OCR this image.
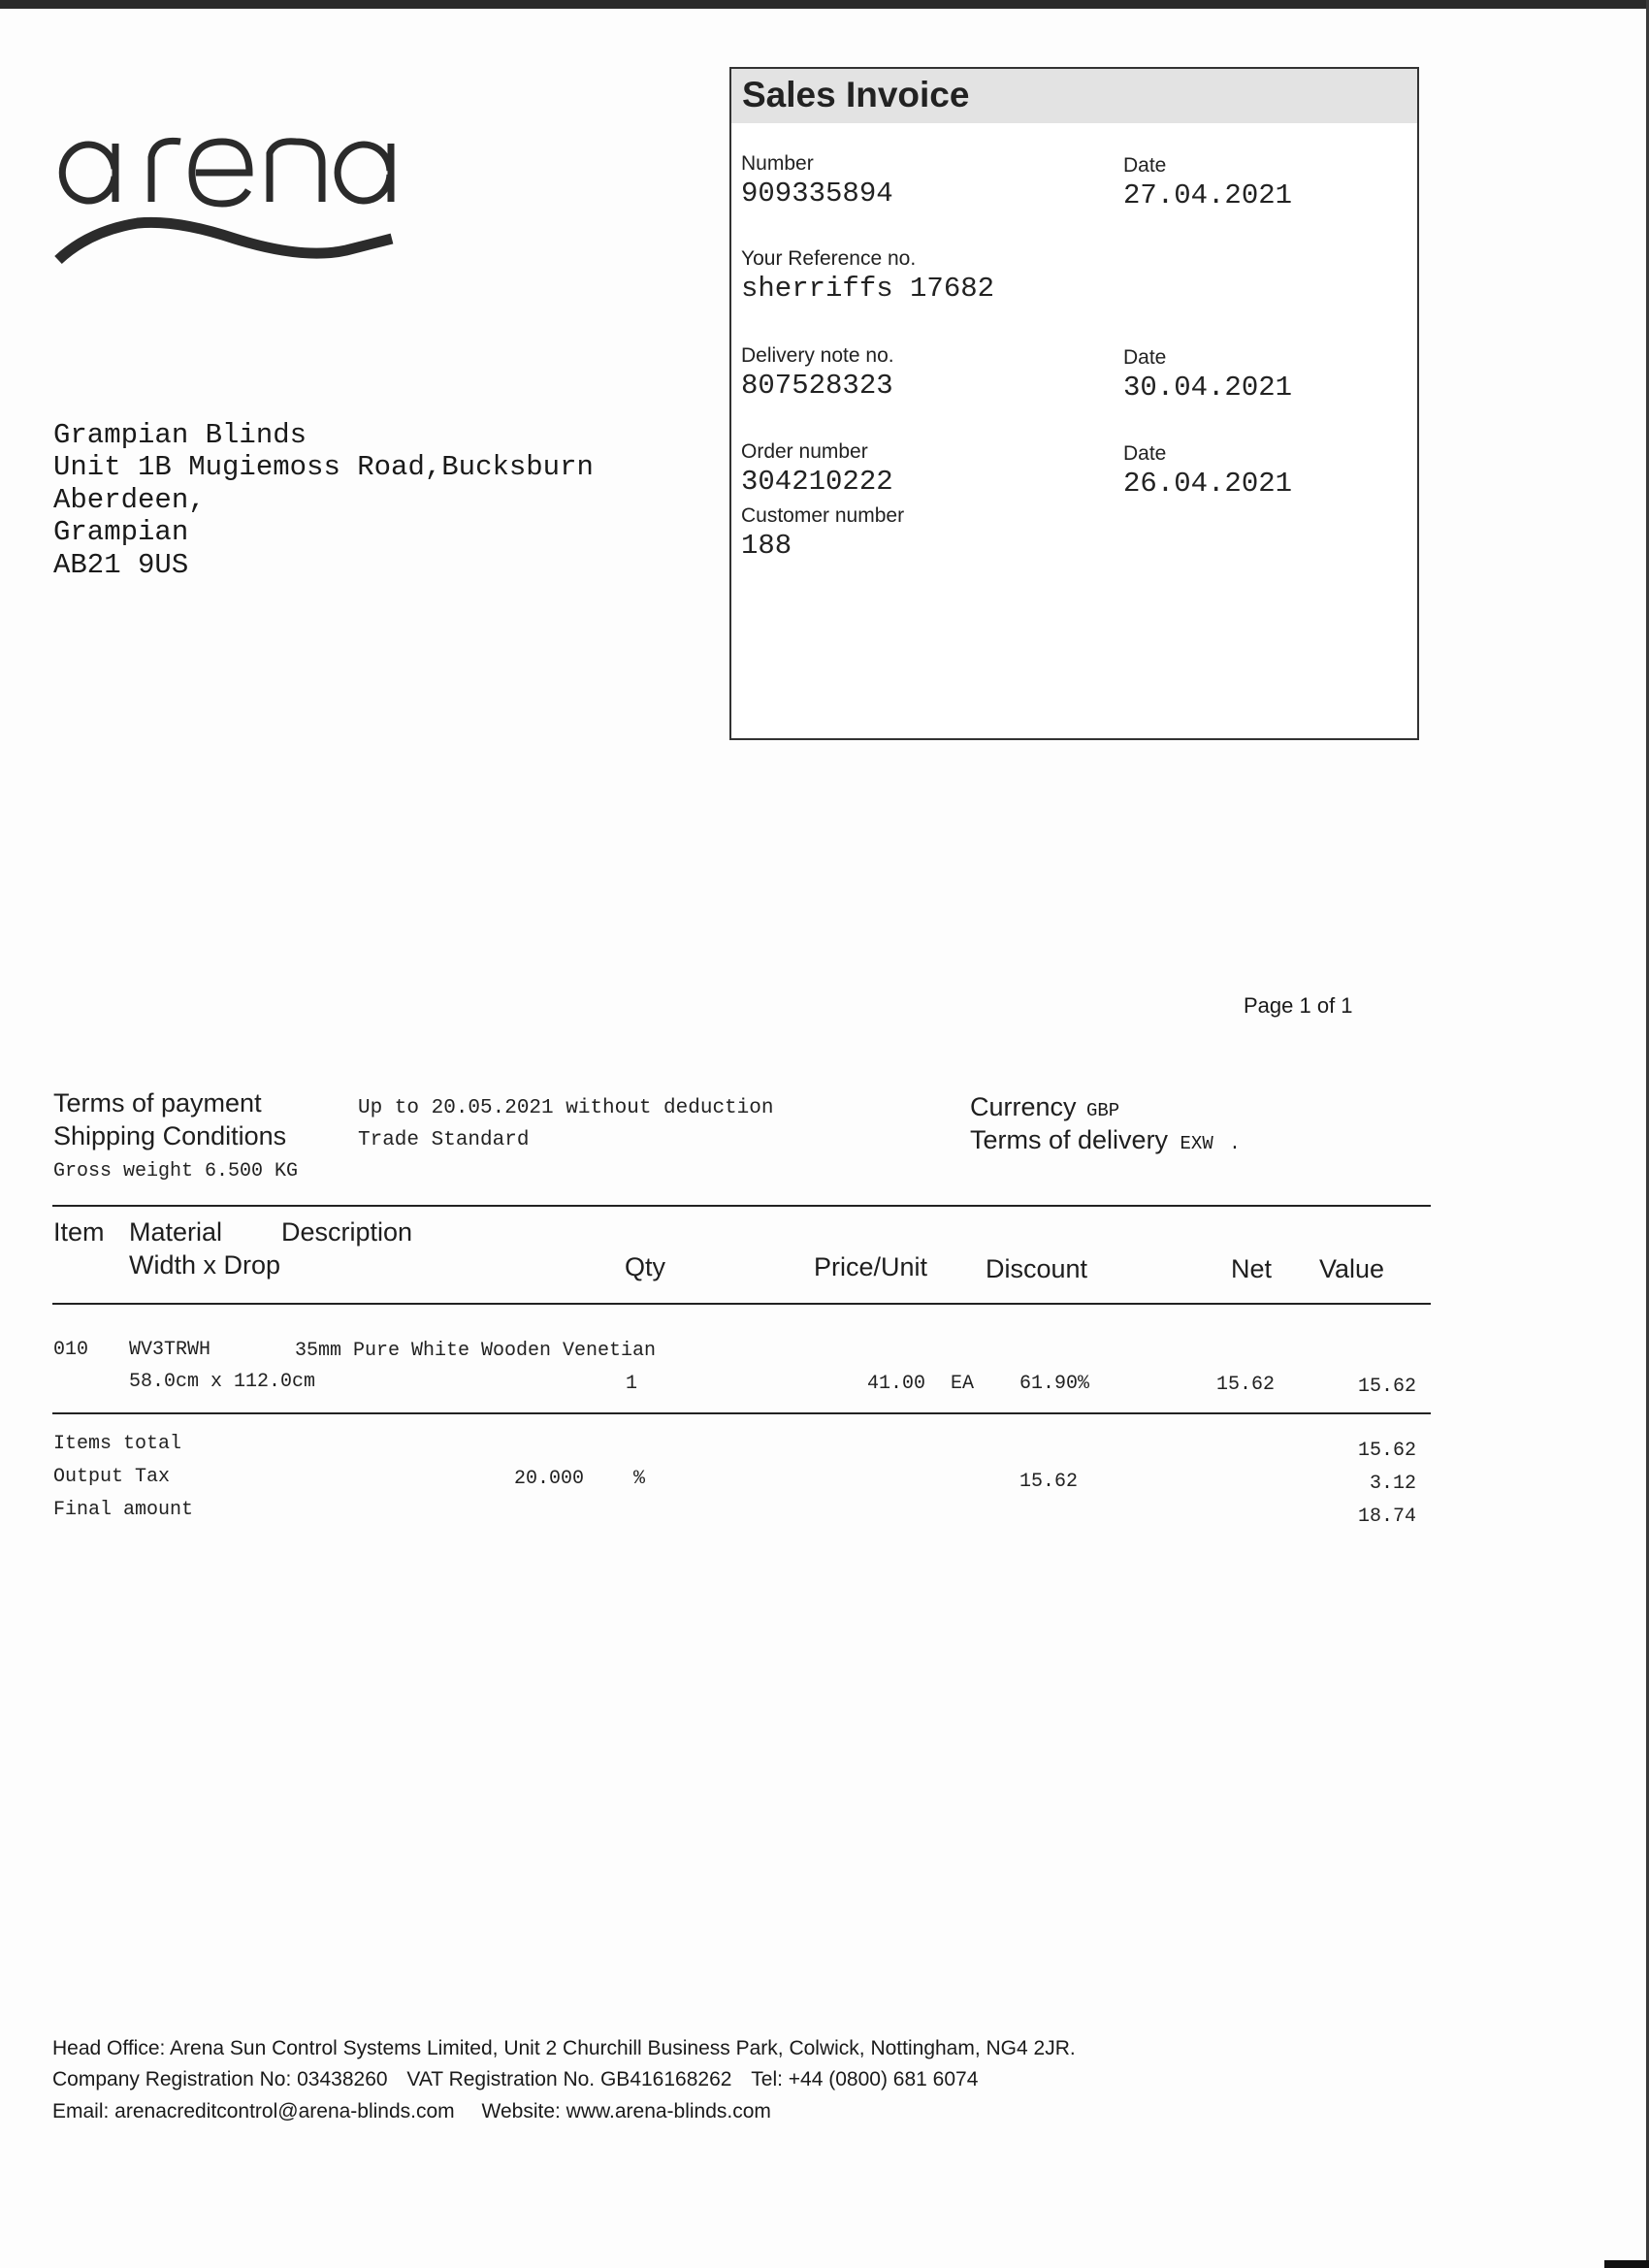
Grampian Blinds
Unit 1B Mugiemoss Road,Bucksburn
Aberdeen,
Grampian
AB21 9US
Sales Invoice
Number
909335894
Date
27.04.2021
Your Reference no.
sherriffs 17682
Delivery note no.
807528323
Date
30.04.2021
Order number
304210222
Date
26.04.2021
Customer number
188
Page 1 of 1
Terms of payment	Up to 20.05.2021 without deduction
Shipping Conditions	Trade Standard
Gross weight 6.500 KG
Currency GBP
Terms of delivery EXW .
Item Material Description
Width x Drop	Qty	Price/Unit Discount	Net Value
010 WV3TRWH	35mm Pure White Wooden Venetian
58.0cm x 112.0cm	1	41.00 EA 61.90%	15.62	15.62
Items total	15.62
Output Tax	20.000	%	15.62	3.12
Final amount	18.74
Head Office: Arena Sun Control Systems Limited, Unit 2 Churchill Business Park, Colwick, Nottingham, NG4 2JR.
Company Registration No: 03438260 VAT Registration No. GB416168262 Tel: +44 (0800) 681 6074
Email: arenacreditcontrol@arena-blinds.com Website: www.arena-blinds.com
